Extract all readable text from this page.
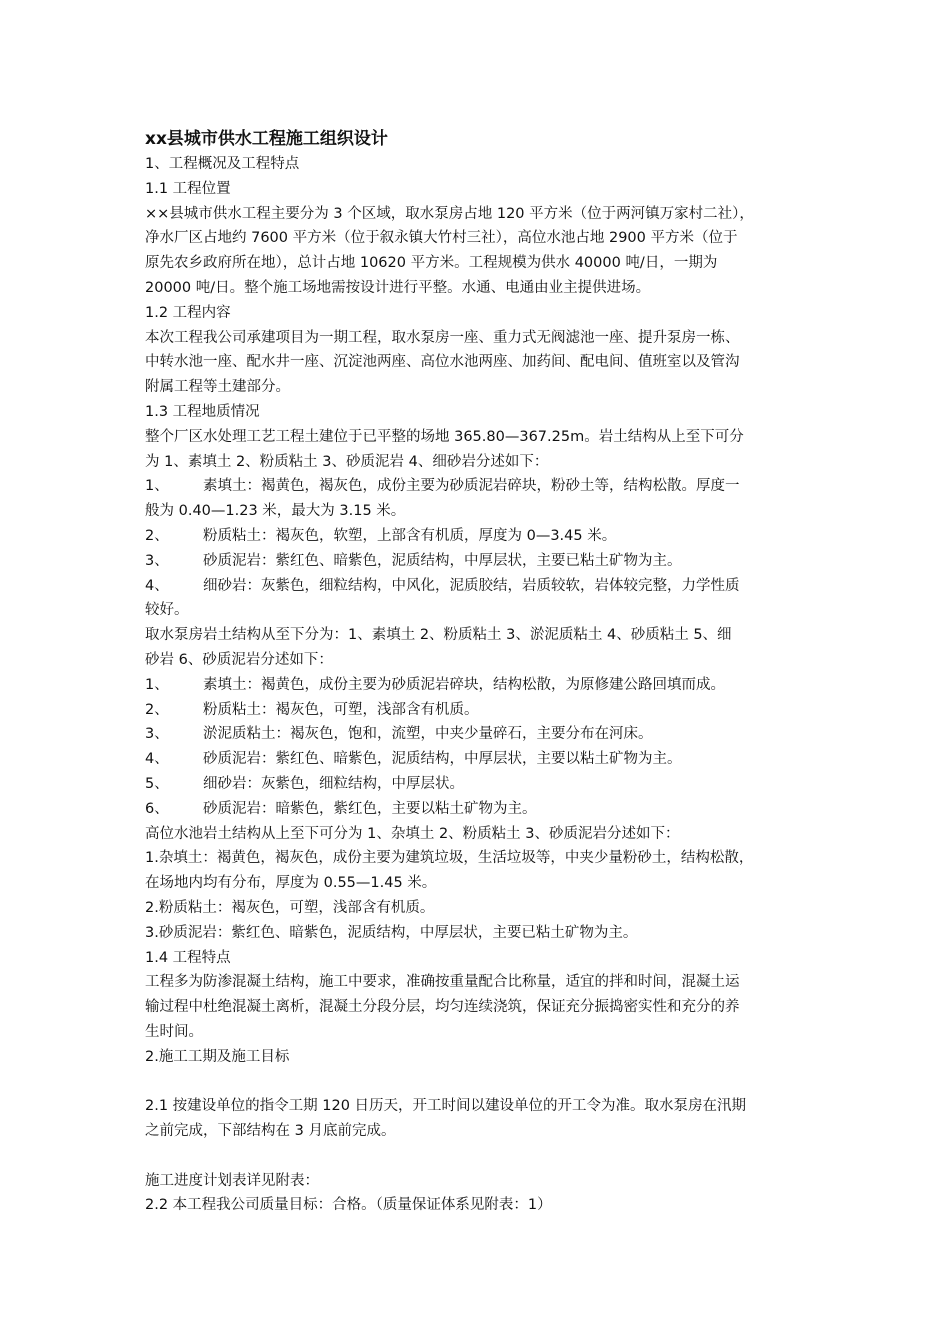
xx县城市供水工程施工组织设计

1、工程概况及工程特点

1.1 工程位置

××县城市供水工程主要分为 3 个区域，取水泵房占地 120 平方米（位于两河镇万家村二社），

净水厂区占地约 7600 平方米（位于叙永镇大竹村三社），高位水池占地 2900 平方米（位于

原先农乡政府所在地），总计占地 10620 平方米。工程规模为供水 40000 吨/日，一期为

20000 吨/日。整个施工场地需按设计进行平整。水通、电通由业主提供进场。

1.2 工程内容

本次工程我公司承建项目为一期工程，取水泵房一座、重力式无阀滤池一座、提升泵房一栋、

中转水池一座、配水井一座、沉淀池两座、高位水池两座、加药间、配电间、值班室以及管沟

附属工程等土建部分。

1.3 工程地质情况

整个厂区水处理工艺工程土建位于已平整的场地 365.80—367.25m。岩土结构从上至下可分

为 1、素填土 2、粉质粘土 3、砂质泥岩 4、细砂岩分述如下：

1、	素填土：褐黄色，褐灰色，成份主要为砂质泥岩碎块，粉砂土等，结构松散。厚度一

般为 0.40—1.23 米，最大为 3.15 米。

2、	粉质粘土：褐灰色，软塑，上部含有机质，厚度为 0—3.45 米。
3、	砂质泥岩：紫红色、暗紫色，泥质结构，中厚层状，主要已粘土矿物为主。
4、	细砂岩：灰紫色，细粒结构，中风化，泥质胶结，岩质较软，岩体较完整，力学性质

较好。

取水泵房岩土结构从至下分为：1、素填土 2、粉质粘土 3、淤泥质粘土 4、砂质粘土 5、细

砂岩 6、砂质泥岩分述如下：

1、	素填土：褐黄色，成份主要为砂质泥岩碎块，结构松散，为原修建公路回填而成。
2、	粉质粘土：褐灰色，可塑，浅部含有机质。
3、	淤泥质粘土：褐灰色，饱和，流塑，中夹少量碎石，主要分布在河床。
4、	砂质泥岩：紫红色、暗紫色，泥质结构，中厚层状，主要以粘土矿物为主。
5、	细砂岩：灰紫色，细粒结构，中厚层状。
6、	砂质泥岩：暗紫色，紫红色，主要以粘土矿物为主。

高位水池岩土结构从上至下可分为 1、杂填土 2、粉质粘土 3、砂质泥岩分述如下：

1.杂填土：褐黄色，褐灰色，成份主要为建筑垃圾，生活垃圾等，中夹少量粉砂土，结构松散，

在场地内均有分布，厚度为 0.55—1.45 米。

2.粉质粘土：褐灰色，可塑，浅部含有机质。

3.砂质泥岩：紫红色、暗紫色，泥质结构，中厚层状，主要已粘土矿物为主。

1.4 工程特点

工程多为防渗混凝土结构，施工中要求，准确按重量配合比称量，适宜的拌和时间，混凝土运

输过程中杜绝混凝土离析，混凝土分段分层，均匀连续浇筑，保证充分振捣密实性和充分的养

生时间。

2.施工工期及施工目标

2.1 按建设单位的指令工期 120 日历天，开工时间以建设单位的开工令为准。取水泵房在汛期

之前完成，下部结构在 3 月底前完成。

施工进度计划表详见附表：

2.2 本工程我公司质量目标：合格。（质量保证体系见附表：1）
